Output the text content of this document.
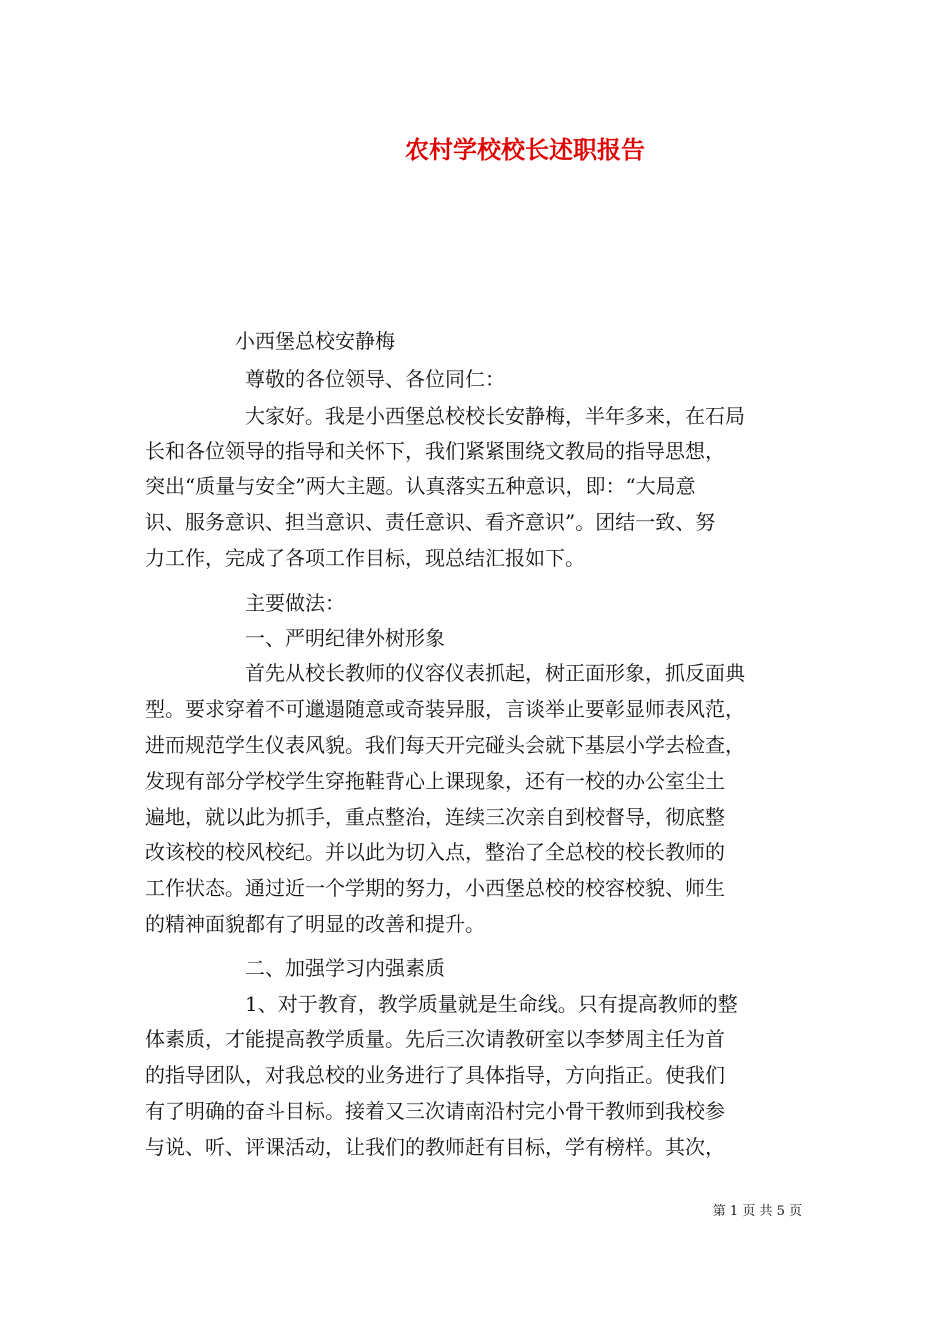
农村学校校长述职报告
小西堡总校安静梅
尊敬的各位领导、各位同仁：
大家好。我是小西堡总校校长安静梅，半年多来，在石局
长和各位领导的指导和关怀下，我们紧紧围绕文教局的指导思想，
突出“质量与安全”两大主题。认真落实五种意识，即：“大局意
识、服务意识、担当意识、责任意识、看齐意识”。团结一致、努
力工作，完成了各项工作目标，现总结汇报如下。
主要做法：
一、严明纪律外树形象
首先从校长教师的仪容仪表抓起，树正面形象，抓反面典
型。要求穿着不可邋遢随意或奇装异服，言谈举止要彰显师表风范，
进而规范学生仪表风貌。我们每天开完碰头会就下基层小学去检查，
发现有部分学校学生穿拖鞋背心上课现象，还有一校的办公室尘土
遍地，就以此为抓手，重点整治，连续三次亲自到校督导，彻底整
改该校的校风校纪。并以此为切入点，整治了全总校的校长教师的
工作状态。通过近一个学期的努力，小西堡总校的校容校貌、师生
的精神面貌都有了明显的改善和提升。
二、加强学习内强素质
1、对于教育，教学质量就是生命线。只有提高教师的整
体素质，才能提高教学质量。先后三次请教研室以李梦周主任为首
的指导团队，对我总校的业务进行了具体指导，方向指正。使我们
有了明确的奋斗目标。接着又三次请南沿村完小骨干教师到我校参
与说、听、评课活动，让我们的教师赶有目标，学有榜样。其次，
第 1 页 共 5 页
